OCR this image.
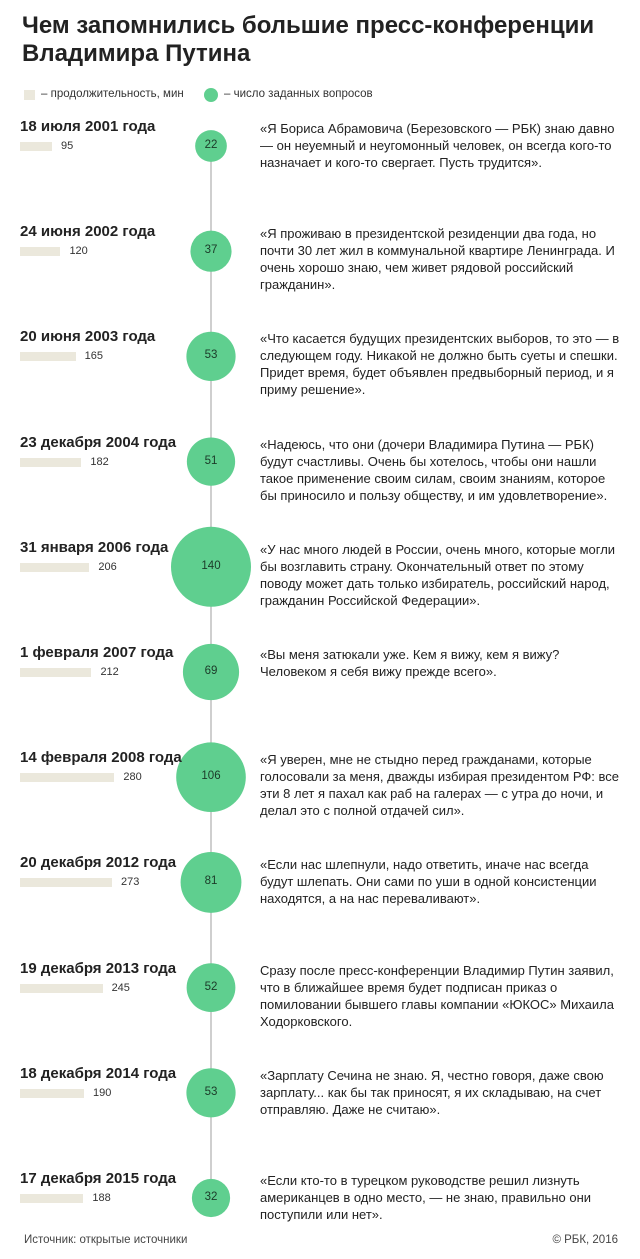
Чем запомнились большие пресс-конференции Владимира Путина
– продолжительность, мин	– число заданных вопросов
18 июля 2001 года
95	22
«Я Бориса Абрамовича (Березовского — РБК) знаю давно — он неуемный и неугомонный человек, он всегда кого-то назначает и кого-то свергает. Пусть трудится».
24 июня 2002 года
120	37
«Я проживаю в президентской резиденции два года, но почти 30 лет жил в коммунальной квартире Ленинграда. И очень хорошо знаю, чем живет рядовой российский гражданин».
20 июня 2003 года
165	53
«Что касается будущих президентских выборов, то это — в следующем году. Никакой не должно быть суеты и спешки. Придет время, будет объявлен предвыборный период, и я приму решение».
23 декабря 2004 года
182	51
«Надеюсь, что они (дочери Владимира Путина — РБК) будут счастливы. Очень бы хотелось, чтобы они нашли такое применение своим силам, своим знаниям, которое бы приносило и пользу обществу, и им удовлетворение».
31 января 2006 года
206	140
«У нас много людей в России, очень много, которые могли бы возглавить страну. Окончательный ответ по этому поводу может дать только избиратель, российский народ, гражданин Российской Федерации».
1 февраля 2007 года
212	69
«Вы меня затюкали уже. Кем я вижу, кем я вижу? Человеком я себя вижу прежде всего».
14 февраля 2008 года
280	106
«Я уверен, мне не стыдно перед гражданами, которые голосовали за меня, дважды избирая президентом РФ: все эти 8 лет я пахал как раб на галерах — с утра до ночи, и делал это с полной отдачей сил».
20 декабря 2012 года
273	81
«Если нас шлепнули, надо ответить, иначе нас всегда будут шлепать. Они сами по уши в одной консистенции находятся, а на нас переваливают».
19 декабря 2013 года
245	52
Сразу после пресс-конференции Владимир Путин заявил, что в ближайшее время будет подписан приказ о помиловании бывшего главы компании «ЮКОС» Михаила Ходорковского.
18 декабря 2014 года
190	53
«Зарплату Сечина не знаю. Я, честно говоря, даже свою зарплату... как бы так приносят, я их складываю, на счет отправляю. Даже не считаю».
17 декабря 2015 года
188	32
«Если кто-то в турецком руководстве решил лизнуть американцев в одно место, — не знаю, правильно они поступили или нет».
Источник: открытые источники	© РБК, 2016
